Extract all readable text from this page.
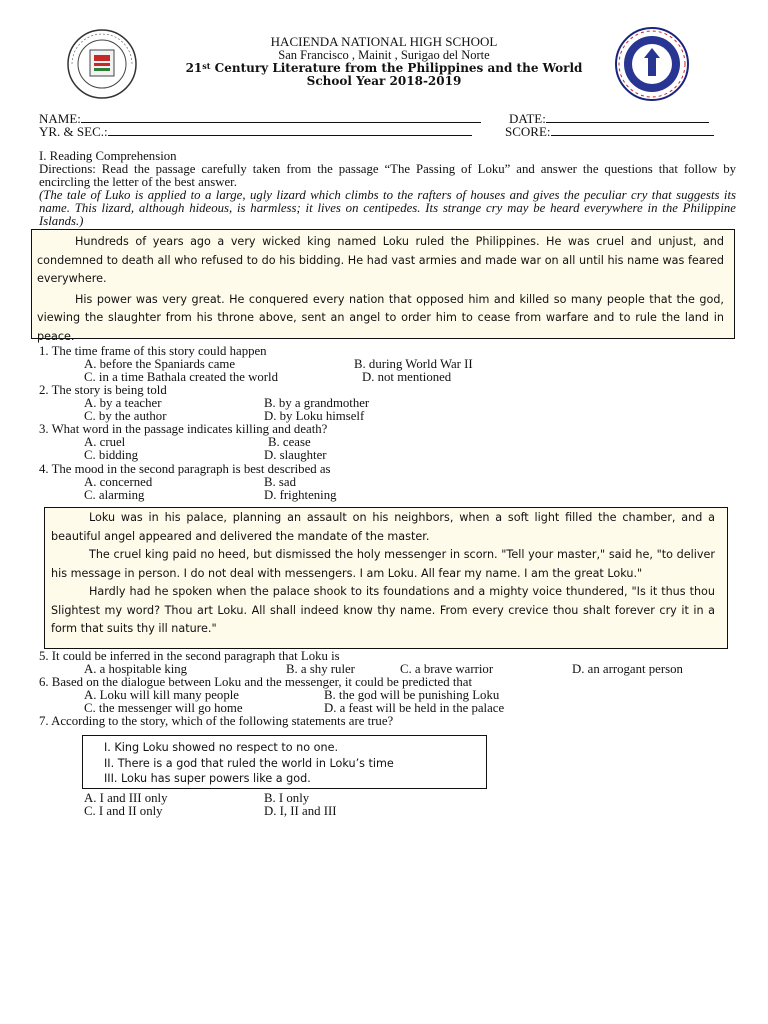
HACIENDA NATIONAL HIGH SCHOOL
San Francisco , Mainit , Surigao del Norte
21st Century Literature from the Philippines and the World
School Year 2018-2019
NAME:	DATE:
YR. & SEC.:	SCORE:
I. Reading Comprehension
Directions: Read the passage carefully taken from the passage “The Passing of Loku” and answer the questions that follow by encircling the letter of the best answer.
(The tale of Luko is applied to a large, ugly lizard which climbs to the rafters of houses and gives the peculiar cry that suggests its name. This lizard, although hideous, is harmless; it lives on centipedes. Its strange cry may be heard everywhere in the Philippine Islands.)

Hundreds of years ago a very wicked king named Loku ruled the Philippines. He was cruel and unjust, and condemned to death all who refused to do his bidding. He had vast armies and made war on all until his name was feared everywhere.

His power was very great. He conquered every nation that opposed him and killed so many people that the god, viewing the slaughter from his throne above, sent an angel to order him to cease from warfare and to rule the land in peace.

1. The time frame of this story could happen
A. before the Spaniards came	B. during World War II
C. in a time Bathala created the world	D. not mentioned
2. The story is being told
A. by a teacher	B. by a grandmother
C. by the author	D. by Loku himself
3. What word in the passage indicates killing and death?
A. cruel	B. cease
C. bidding	D. slaughter
4. The mood in the second paragraph is best described as
A. concerned	B. sad
C. alarming	D. frightening

Loku was in his palace, planning an assault on his neighbors, when a soft light filled the chamber, and a beautiful angel appeared and delivered the mandate of the master.

The cruel king paid no heed, but dismissed the holy messenger in scorn. "Tell your master," said he, "to deliver his message in person. I do not deal with messengers. I am Loku. All fear my name. I am the great Loku."

Hardly had he spoken when the palace shook to its foundations and a mighty voice thundered, "Is it thus thou Slightest my word? Thou art Loku. All shall indeed know thy name. From every crevice thou shalt forever cry it in a form that suits thy ill nature."

5. It could be inferred in the second paragraph that Loku is
A. a hospitable king	B. a shy ruler	C. a brave warrior	D. an arrogant person
6. Based on the dialogue between Loku and the messenger, it could be predicted that
A. Loku will kill many people	B. the god will be punishing Loku
C. the messenger will go home	D. a feast will be held in the palace
7. According to the story, which of the following statements are true?
I. King Loku showed no respect to no one.
II. There is a god that ruled the world in Loku’s time
III. Loku has super powers like a god.
A. I and III only	B. I only
C. I and II only	D. I, II and III
